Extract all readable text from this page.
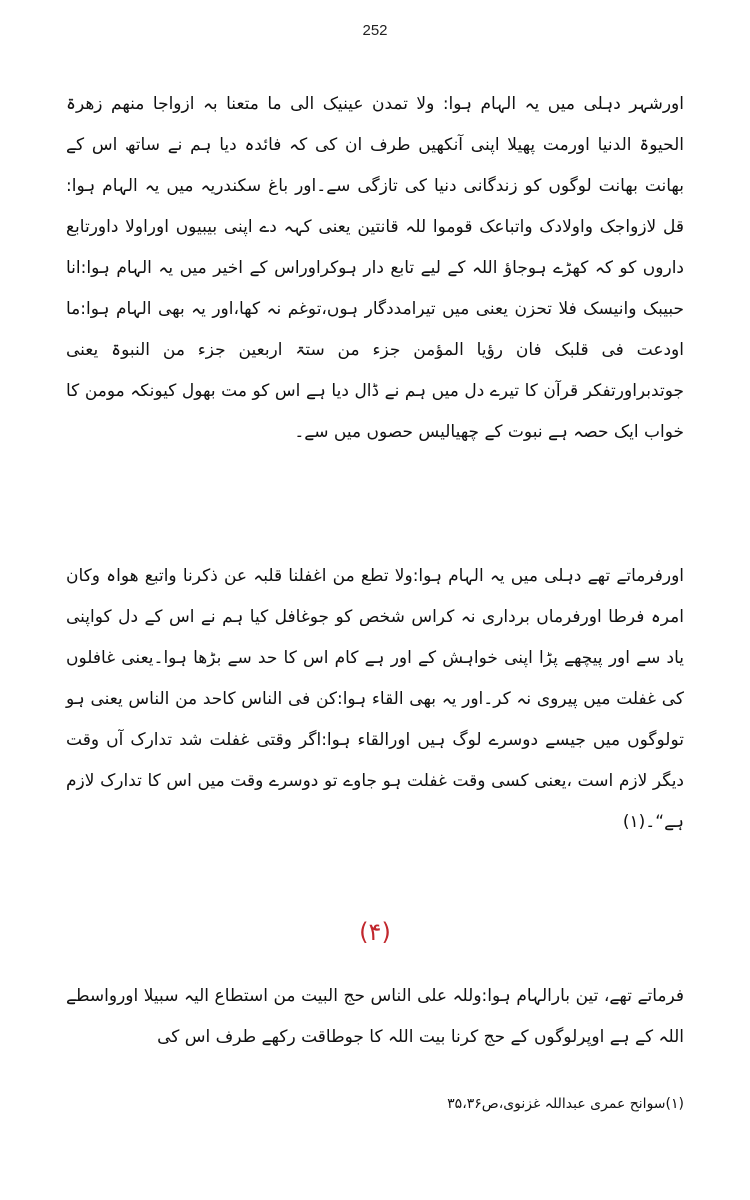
252

اورشہر دہلی میں یہ الہام ہوا: ولا تمدن عینیک الی ما متعنا بہ ازواجا منھم زھرۃ الحیوۃ الدنیا اورمت پھیلا اپنی آنکھیں طرف ان کی کہ فائدہ دیا ہم نے ساتھ اس کے بھانت بھانت لوگوں کو زندگانی دنیا کی تازگی سے۔اور باغ سکندریہ میں یہ الہام ہوا: قل لازواجک واولادک واتباعک قوموا للہ قانتین یعنی کہہ دے اپنی بیبیوں اوراولا داورتابع داروں کو کہ کھڑے ہوجاؤ اللہ کے لیے تابع دار ہوکراوراس کے اخیر میں یہ الہام ہوا:انا حبیبک وانیسک فلا تحزن یعنی میں تیرامددگار ہوں،توغم نہ کھا،اور یہ بھی الہام ہوا:ما اودعت فی قلبک فان رؤیا المؤمن جزء من ستۃ اربعین جزء من النبوۃ یعنی جوتدبراورتفکر قرآن کا تیرے دل میں ہم نے ڈال دیا ہے اس کو مت بھول کیونکہ مومن کا خواب ایک حصہ ہے نبوت کے چھیالیس حصوں میں سے۔

اورفرماتے تھے دہلی میں یہ الہام ہوا:ولا تطع من اغفلنا قلبہ عن ذکرنا واتبع ھواہ وکان امرہ فرطا اورفرماں برداری نہ کراس شخص کو جوغافل کیا ہم نے اس کے دل کواپنی یاد سے اور پیچھے پڑا اپنی خواہش کے اور ہے کام اس کا حد سے بڑھا ہوا۔یعنی غافلوں کی غفلت میں پیروی نہ کر۔اور یہ بھی القاء ہوا:کن فی الناس کاحد من الناس یعنی ہو تولوگوں میں جیسے دوسرے لوگ ہیں اورالقاء ہوا:اگر وقتی غفلت شد تدارک آں وقت دیگر لازم است ،یعنی کسی وقت غفلت ہو جاوے تو دوسرے وقت میں اس کا تدارک لازم ہے“۔(۱)

(۴)

فرماتے تھے، تین بارالہام ہوا:وللہ علی الناس حج البیت من استطاع الیہ سبیلا اورواسطے اللہ کے ہے اوپرلوگوں کے حج کرنا بیت اللہ کا جوطاقت رکھے طرف اس کی

(۱)سوانح عمری عبداللہ غزنوی،ص۳۵،۳۶
